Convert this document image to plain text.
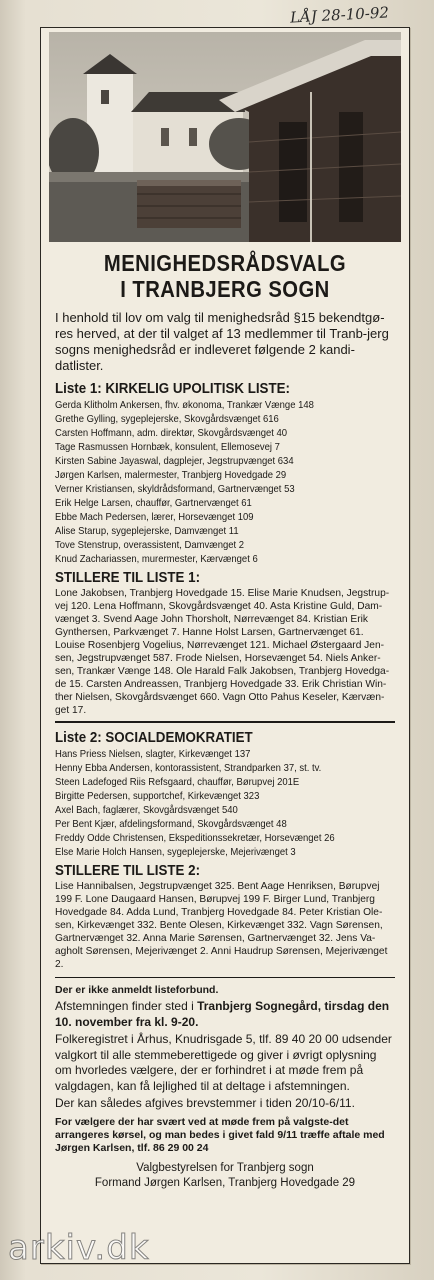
LÅJ 28-10-92
MENIGHEDSRÅDSVALG
I TRANBJERG SOGN
I henhold til lov om valg til menighedsråd §15 bekendtgø-res herved, at der til valget af 13 medlemmer til Tranb-jerg sogns menighedsråd er indleveret følgende 2 kandi-datlister.
Liste 1: KIRKELIG UPOLITISK LISTE:
Gerda Klitholm Ankersen, fhv. økonoma, Trankær Vænge 148
Grethe Gylling, sygeplejerske, Skovgårdsvænget 616
Carsten Hoffmann, adm. direktør, Skovgårdsvænget 40
Tage Rasmussen Hornbæk, konsulent, Ellemosevej 7
Kirsten Sabine Jayaswal, dagplejer, Jegstrupvænget 634
Jørgen Karlsen, malermester, Tranbjerg Hovedgade 29
Verner Kristiansen, skyldrådsformand, Gartnervænget 53
Erik Helge Larsen, chauffør, Gartnervænget 61
Ebbe Mach Pedersen, lærer, Horsevænget 109
Alise Starup, sygeplejerske, Damvænget 11
Tove Stenstrup, overassistent, Damvænget 2
Knud Zachariassen, murermester, Kærvænget 6
STILLERE TIL LISTE 1:
Lone Jakobsen, Tranbjerg Hovedgade 15. Elise Marie Knudsen, Jegstrup-vej 120. Lena Hoffmann, Skovgårdsvænget 40. Asta Kristine Guld, Dam-vænget 3. Svend Aage John Thorsholt, Nørrevænget 84. Kristian Erik Gynthersen, Parkvænget 7. Hanne Holst Larsen, Gartnervænget 61. Louise Rosenbjerg Vogelius, Nørrevænget 121. Michael Østergaard Jen-sen, Jegstrupvænget 587. Frode Nielsen, Horsevænget 54. Niels Anker-sen, Trankær Vænge 148. Ole Harald Falk Jakobsen, Tranbjerg Hovedga-de 15. Carsten Andreassen, Tranbjerg Hovedgade 33. Erik Christian Win-ther Nielsen, Skovgårdsvænget 660. Vagn Otto Pahus Keseler, Kærvæn-get 17.
Liste 2: SOCIALDEMOKRATIET
Hans Priess Nielsen, slagter, Kirkevænget 137
Henny Ebba Andersen, kontorassistent, Strandparken 37, st. tv.
Steen Ladefoged Riis Refsgaard, chauffør, Børupvej 201E
Birgitte Pedersen, supportchef, Kirkevænget 323
Axel Bach, faglærer, Skovgårdsvænget 540
Per Bent Kjær, afdelingsformand, Skovgårdsvænget 48
Freddy Odde Christensen, Ekspeditionssekretær, Horsevænget 26
Else Marie Holch Hansen, sygeplejerske, Mejerivænget 3
STILLERE TIL LISTE 2:
Lise Hannibalsen, Jegstrupvænget 325. Bent Aage Henriksen, Børupvej 199 F. Lone Daugaard Hansen, Børupvej 199 F. Birger Lund, Tranbjerg Hovedgade 84. Adda Lund, Tranbjerg Hovedgade 84. Peter Kristian Ole-sen, Kirkevænget 332. Bente Olesen, Kirkevænget 332. Vagn Sørensen, Gartnervænget 32. Anna Marie Sørensen, Gartnervænget 32. Jens Va-agholt Sørensen, Mejerivænget 2. Anni Haudrup Sørensen, Mejerivænget 2.
Der er ikke anmeldt listeforbund.
Afstemningen finder sted i Tranbjerg Sognegård, tirsdag den 10. november fra kl. 9-20.
Folkeregistret i Århus, Knudrisgade 5, tlf. 89 40 20 00 udsender valgkort til alle stemmeberettigede og giver i øvrigt oplysning om hvorledes vælgere, der er forhindret i at møde frem på valgdagen, kan få lejlighed til at deltage i afstemningen.
Der kan således afgives brevstemmer i tiden 20/10-6/11.
For vælgere der har svært ved at møde frem på valgste-det arrangeres kørsel, og man bedes i givet fald 9/11 træffe aftale med Jørgen Karlsen, tlf. 86 29 00 24
Valgbestyrelsen for Tranbjerg sogn
Formand Jørgen Karlsen, Tranbjerg Hovedgade 29
arkiv.dk
